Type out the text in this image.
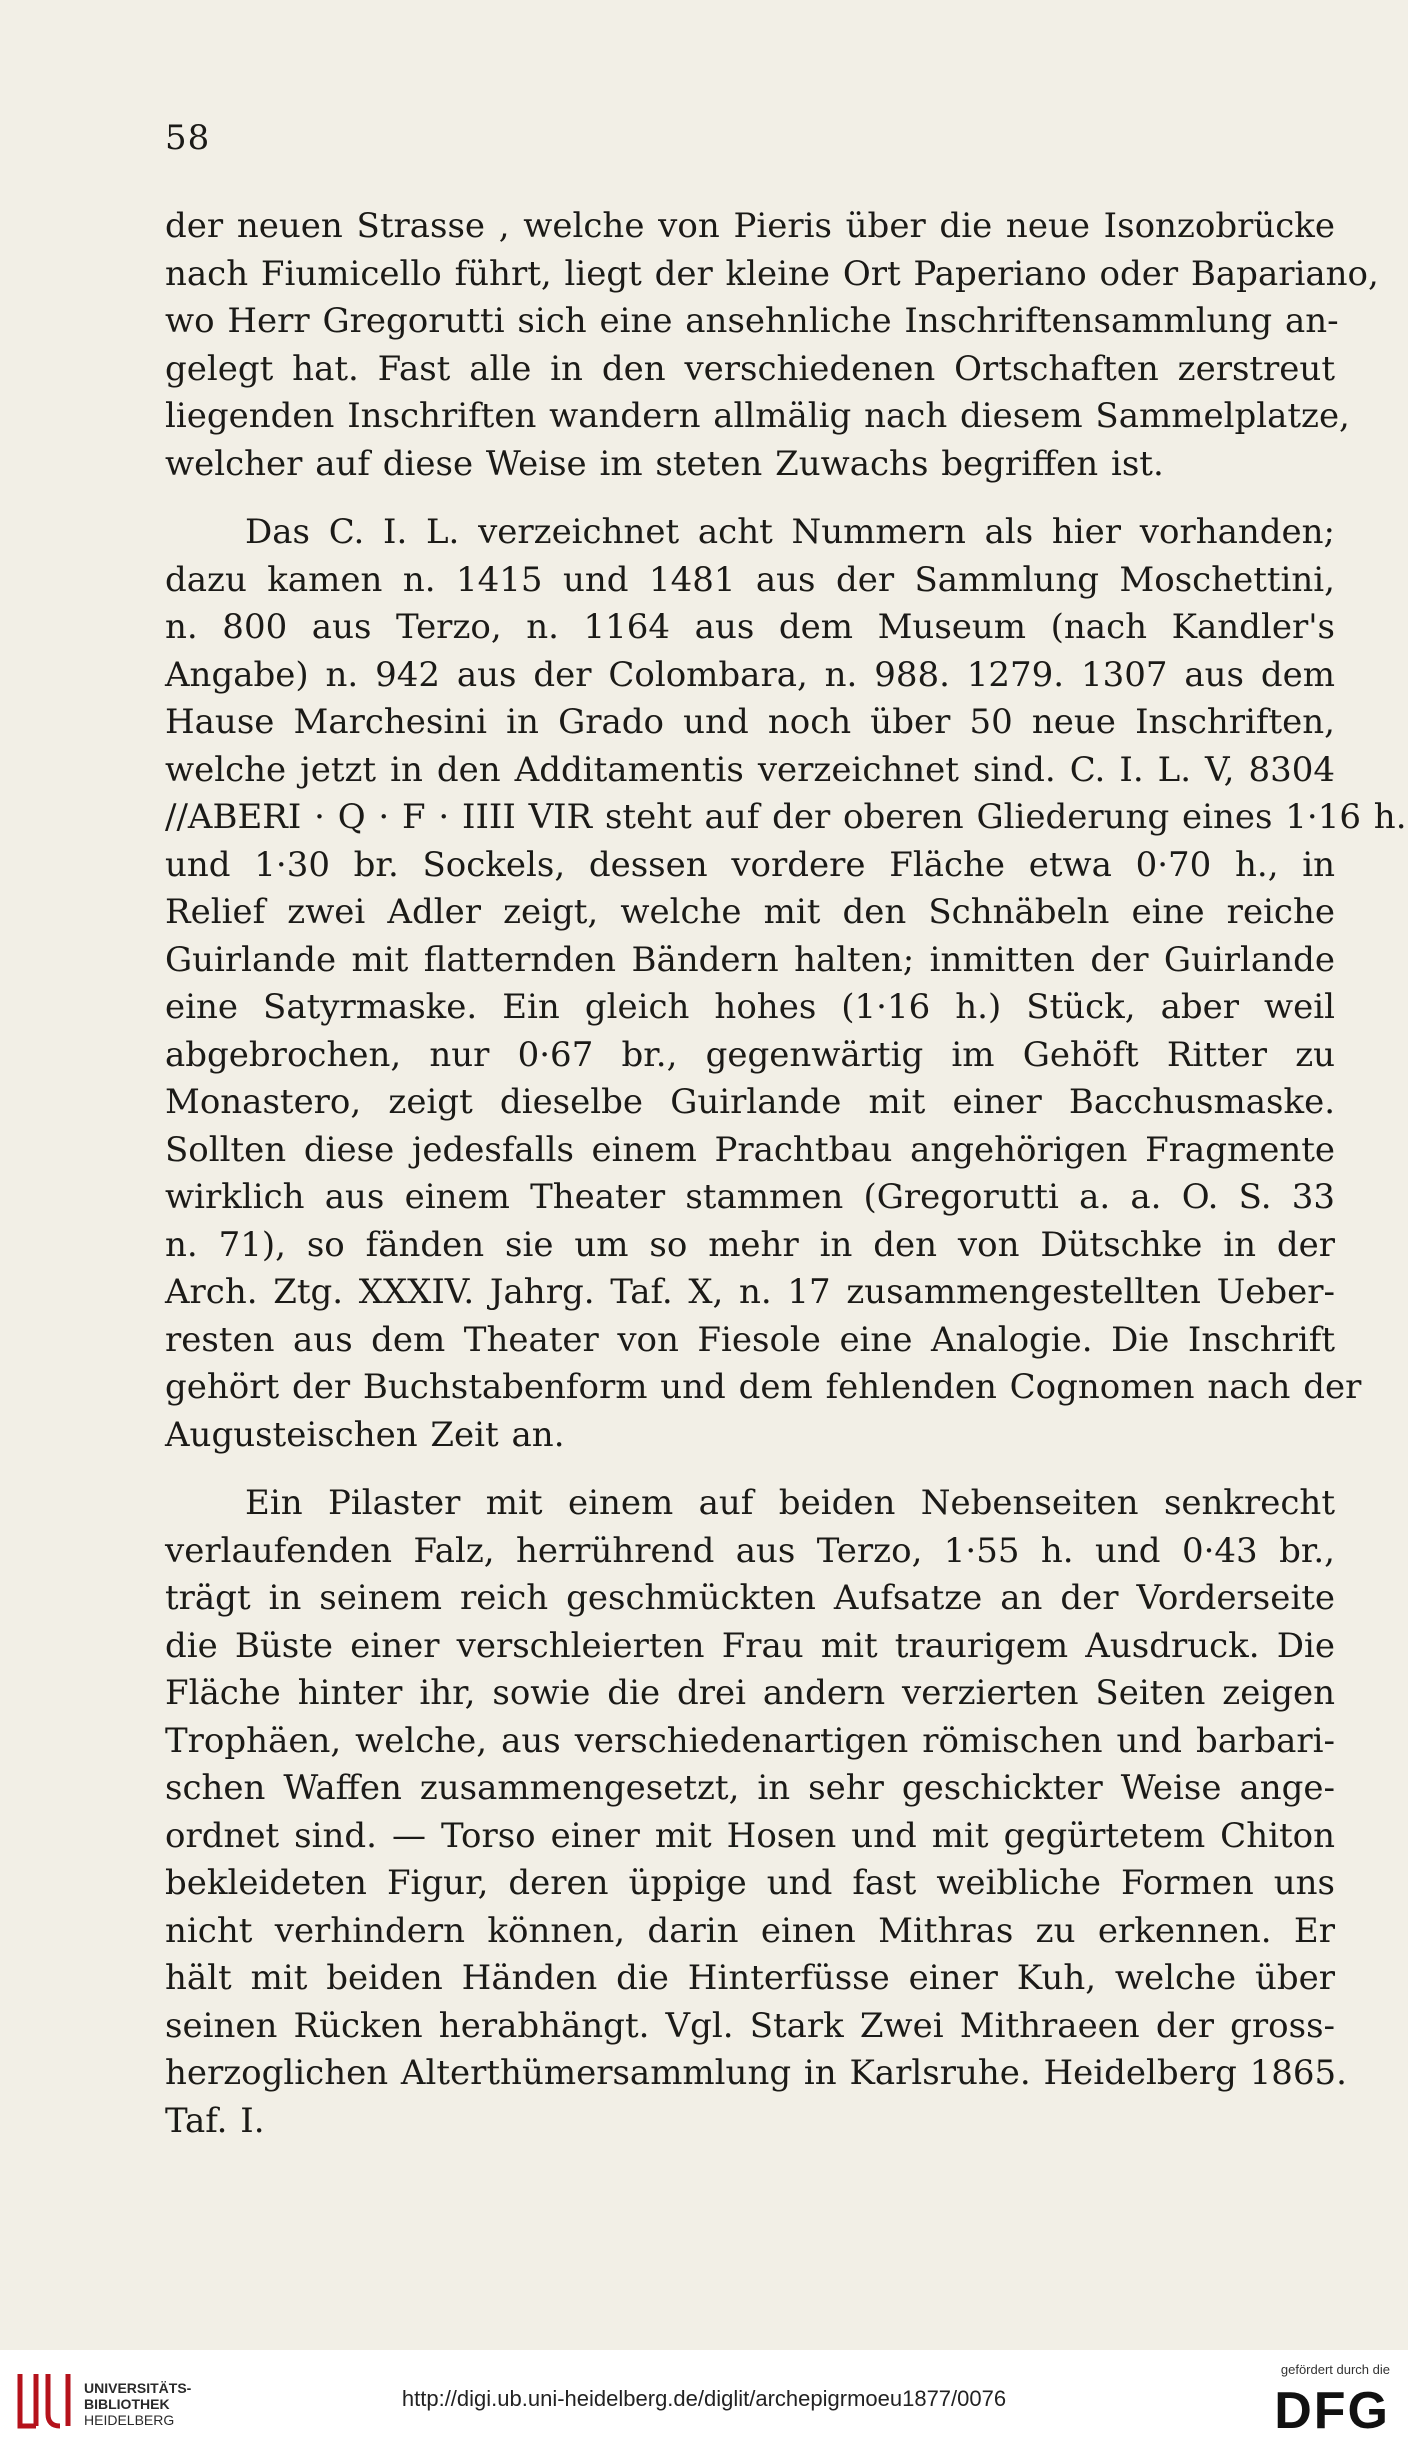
58
der neuen Strasse , welche von Pieris über die neue Isonzobrücke
nach Fiumicello führt, liegt der kleine Ort Paperiano oder Bapariano,
wo Herr Gregorutti sich eine ansehnliche Inschriftensammlung an-
gelegt hat. Fast alle in den verschiedenen Ortschaften zerstreut
liegenden Inschriften wandern allmälig nach diesem Sammelplatze,
welcher auf diese Weise im steten Zuwachs begriffen ist.
Das C. I. L. verzeichnet acht Nummern als hier vorhanden;
dazu kamen n. 1415 und 1481 aus der Sammlung Moschettini,
n. 800 aus Terzo, n. 1164 aus dem Museum (nach Kandler's
Angabe) n. 942 aus der Colombara, n. 988. 1279. 1307 aus dem
Hause Marchesini in Grado und noch über 50 neue Inschriften,
welche jetzt in den Additamentis verzeichnet sind. C. I. L. V, 8304
//ABERI · Q · F · IIII VIR steht auf der oberen Gliederung eines 1·16 h.
und 1·30 br. Sockels, dessen vordere Fläche etwa 0·70 h., in
Relief zwei Adler zeigt, welche mit den Schnäbeln eine reiche
Guirlande mit flatternden Bändern halten; inmitten der Guirlande
eine Satyrmaske. Ein gleich hohes (1·16 h.) Stück, aber weil
abgebrochen, nur 0·67 br., gegenwärtig im Gehöft Ritter zu
Monastero, zeigt dieselbe Guirlande mit einer Bacchusmaske.
Sollten diese jedesfalls einem Prachtbau angehörigen Fragmente
wirklich aus einem Theater stammen (Gregorutti a. a. O. S. 33
n. 71), so fänden sie um so mehr in den von Dütschke in der
Arch. Ztg. XXXIV. Jahrg. Taf. X, n. 17 zusammengestellten Ueber-
resten aus dem Theater von Fiesole eine Analogie. Die Inschrift
gehört der Buchstabenform und dem fehlenden Cognomen nach der
Augusteischen Zeit an.
Ein Pilaster mit einem auf beiden Nebenseiten senkrecht
verlaufenden Falz, herrührend aus Terzo, 1·55 h. und 0·43 br.,
trägt in seinem reich geschmückten Aufsatze an der Vorderseite
die Büste einer verschleierten Frau mit traurigem Ausdruck. Die
Fläche hinter ihr, sowie die drei andern verzierten Seiten zeigen
Trophäen, welche, aus verschiedenartigen römischen und barbari-
schen Waffen zusammengesetzt, in sehr geschickter Weise ange-
ordnet sind. — Torso einer mit Hosen und mit gegürtetem Chiton
bekleideten Figur, deren üppige und fast weibliche Formen uns
nicht verhindern können, darin einen Mithras zu erkennen. Er
hält mit beiden Händen die Hinterfüsse einer Kuh, welche über
seinen Rücken herabhängt. Vgl. Stark Zwei Mithraeen der gross-
herzoglichen Alterthümersammlung in Karlsruhe. Heidelberg 1865.
Taf. I.
UNIVERSITÄTS-
BIBLIOTHEK
HEIDELBERG
http://digi.ub.uni-heidelberg.de/diglit/archepigrmoeu1877/0076
gefördert durch die
DFG
